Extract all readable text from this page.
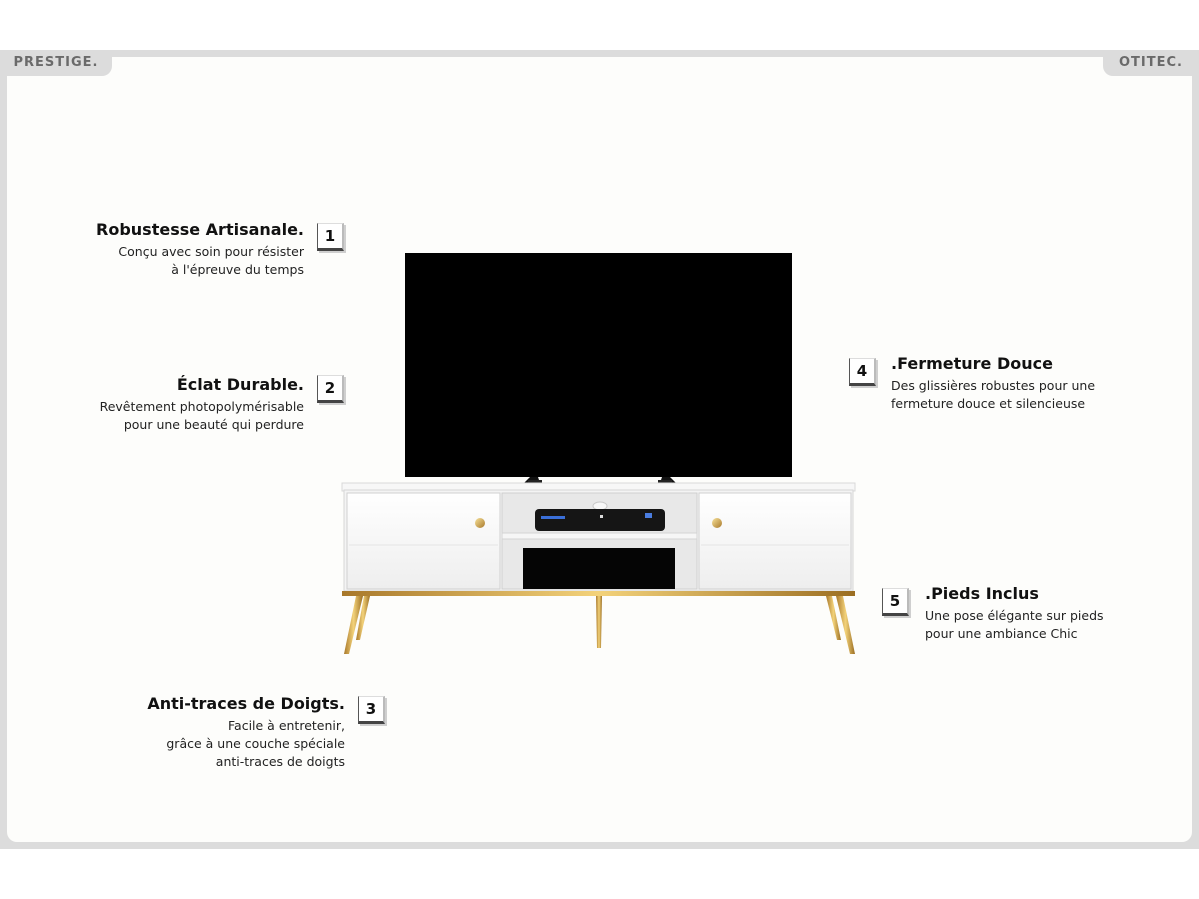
PRESTIGE.	OTITEC.
Robustesse Artisanale.
Conçu avec soin pour résister
à l'épreuve du temps
1
Éclat Durable.
Revêtement photopolymérisable
pour une beauté qui perdure
2
Anti-traces de Doigts.
Facile à entretenir,
grâce à une couche spéciale
anti-traces de doigts
3
.Fermeture Douce
Des glissières robustes pour une
fermeture douce et silencieuse
4
.Pieds Inclus
Une pose élégante sur pieds
pour une ambiance Chic
5
